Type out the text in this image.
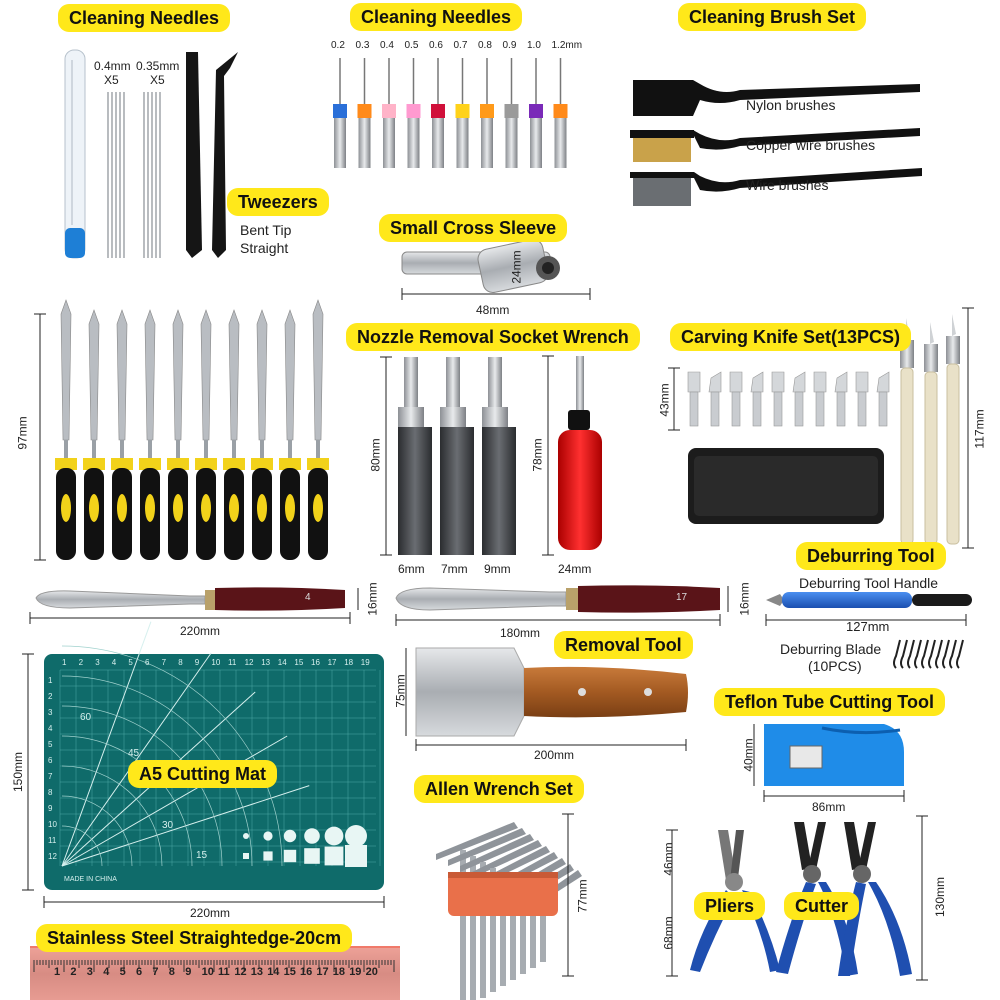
Cleaning Needles	Cleaning Needles	Cleaning Brush Set
Tweezers
Small Cross Sleeve
Nozzle Removal Socket Wrench	Carving Knife Set(13PCS)
Deburring Tool
Removal Tool
Teflon Tube Cutting Tool
A5 Cutting Mat
Allen Wrench Set
Pliers	Cutter
Stainless Steel Straightedge-20cm
0.4mm
X5
0.35mm
X5
Bent Tip
Straight
0.2 0.3 0.4 0.5 0.6 0.7 0.8 0.9 1.0 1.2mm
Nylon brushes
Copper wire brushes
Wire brushes
48mm
24mm
97mm
80mm	78mm
6mm 7mm 9mm	24mm
43mm
117mm
220mm
16mm
180mm
16mm
4	17
Deburring Tool Handle
127mm
Deburring Blade
(10PCS)
150mm
220mm
60
45
30
15
1
2
3
4
5
6
7
8
9
10
11
12
1 2 3 4 5 6 7 8 9 10 11 12 13 14 15 16 17 18 19
MADE IN CHINA
75mm
200mm	40mm
86mm
77mm
46mm
68mm
130mm
1 2 3 4 5 6 7 8 9 10 11 12 13 14 15 16 17 18 19 20
